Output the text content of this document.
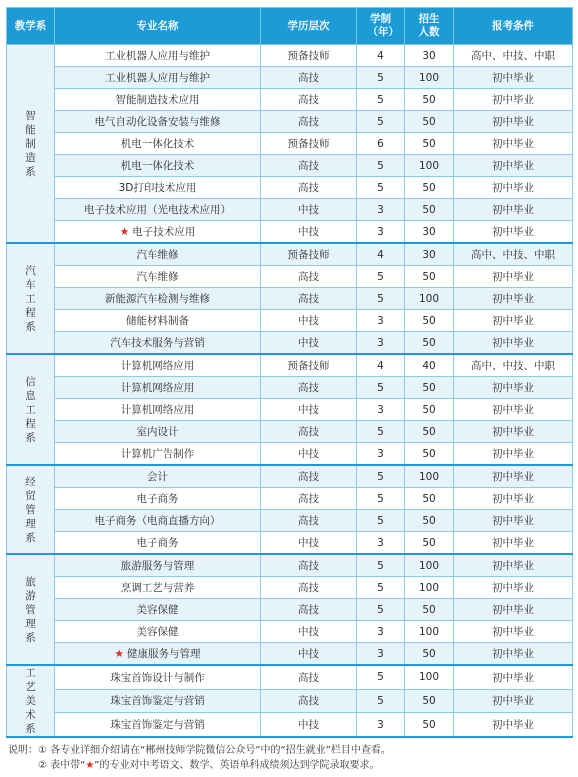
教学系	专业名称	学历层次	学制（年）	招生人数	报考条件
智能制造系	工业机器人应用与维护	预备技师	4	30	高中、中技、中职
	工业机器人应用与维护	高技	5	100	初中毕业
	智能制造技术应用	高技	5	50	初中毕业
	电气自动化设备安装与维修	高技	5	50	初中毕业
	机电一体化技术	预备技师	6	50	初中毕业
	机电一体化技术	高技	5	100	初中毕业
	3D打印技术应用	高技	5	50	初中毕业
	电子技术应用（光电技术应用）	中技	3	50	初中毕业
	★ 电子技术应用	中技	3	30	初中毕业
汽车工程系	汽车维修	预备技师	4	30	高中、中技、中职
	汽车维修	高技	5	50	初中毕业
	新能源汽车检测与维修	高技	5	100	初中毕业
	储能材料制备	中技	3	50	初中毕业
	汽车技术服务与营销	中技	3	50	初中毕业
信息工程系	计算机网络应用	预备技师	4	40	高中、中技、中职
	计算机网络应用	高技	5	50	初中毕业
	计算机网络应用	中技	3	50	初中毕业
	室内设计	高技	5	50	初中毕业
	计算机广告制作	中技	3	50	初中毕业
经贸管理系	会计	高技	5	100	初中毕业
	电子商务	高技	5	50	初中毕业
	电子商务（电商直播方向）	高技	5	50	初中毕业
	电子商务	中技	3	50	初中毕业
旅游管理系	旅游服务与管理	高技	5	100	初中毕业
	烹调工艺与营养	高技	5	100	初中毕业
	美容保健	高技	5	50	初中毕业
	美容保健	中技	3	100	初中毕业
	★ 健康服务与管理	中技	3	50	初中毕业
工艺美术系	珠宝首饰设计与制作	高技	5	100	初中毕业
	珠宝首饰鉴定与营销	高技	5	50	初中毕业
	珠宝首饰鉴定与营销	中技	3	50	初中毕业
说明：① 各专业详细介绍请在“郴州技师学院微信公众号”中的“招生就业”栏目中查看。
② 表中带“★”的专业对中考语文、数学、英语单科成绩须达到学院录取要求。
